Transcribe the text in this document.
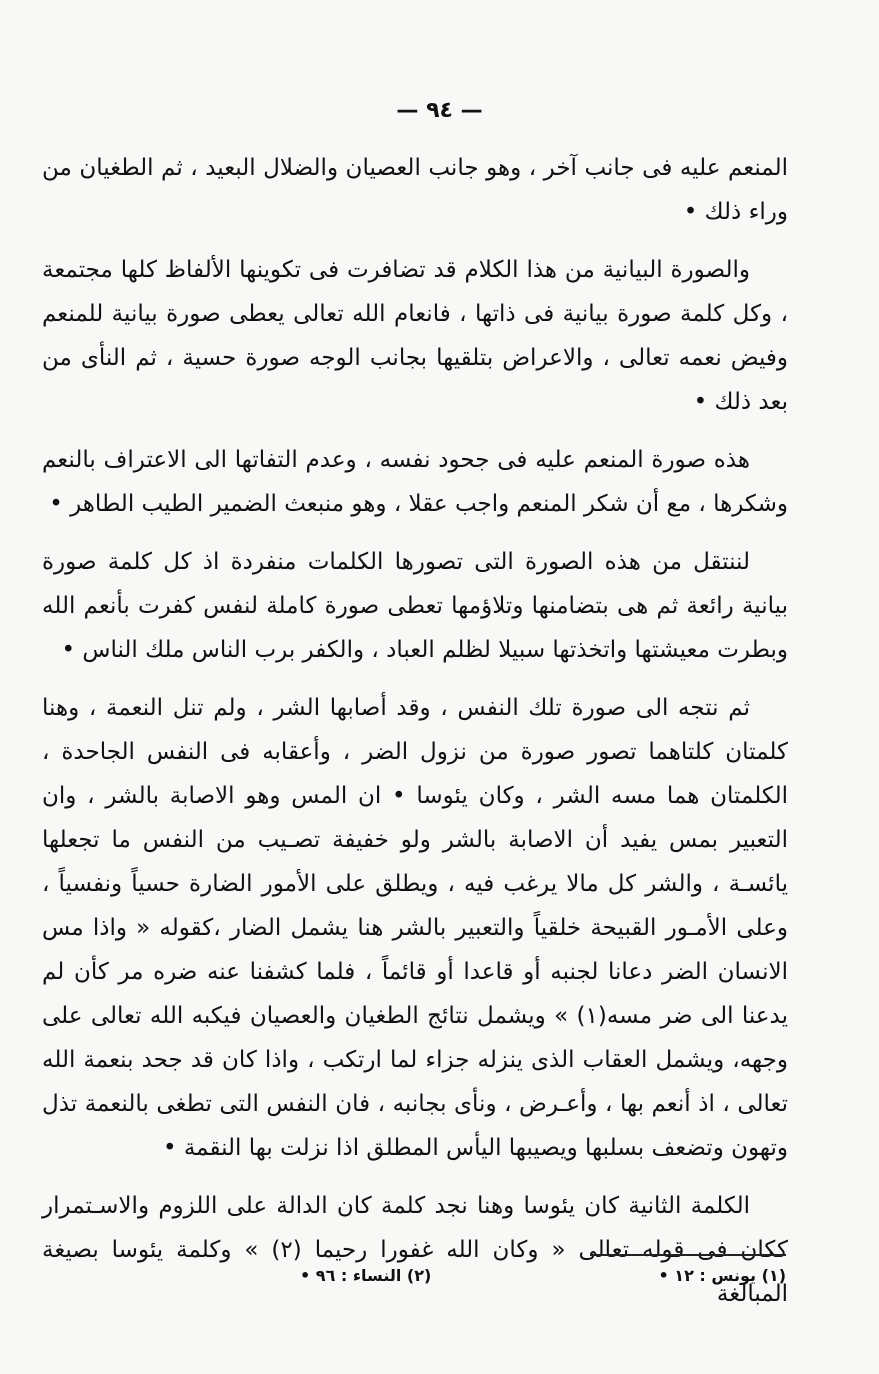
— ٩٤ —

المنعم عليه فى جانب آخر ، وهو جانب العصيان والضلال البعيد ، ثم الطغيان من وراء ذلك •

والصورة البيانية من هذا الكلام قد تضافرت فى تكوينها الألفاظ كلها مجتمعة ، وكل كلمة صورة بيانية فى ذاتها ، فانعام الله تعالى يعطى صورة بيانية للمنعم وفيض نعمه تعالى ، والاعراض بتلقيها بجانب الوجه صورة حسية ، ثم النأى من بعد ذلك •

هذه صورة المنعم عليه فى جحود نفسه ، وعدم التفاتها الى الاعتراف بالنعم وشكرها ، مع أن شكر المنعم واجب عقلا ، وهو منبعث الضمير الطيب الطاهر •

لننتقل من هذه الصورة التى تصورها الكلمات منفردة اذ كل كلمة صورة بيانية رائعة ثم هى بتضامنها وتلاؤمها تعطى صورة كاملة لنفس كفرت بأنعم الله وبطرت معيشتها واتخذتها سبيلا لظلم العباد ، والكفر برب الناس ملك الناس •

ثم نتجه الى صورة تلك النفس ، وقد أصابها الشر ، ولم تنل النعمة ، وهنا كلمتان كلتاهما تصور صورة من نزول الضر ، وأعقابه فى النفس الجاحدة ، الكلمتان هما مسه الشر ، وكان يئوسا • ان المس وهو الاصابة بالشر ، وان التعبير بمس يفيد أن الاصابة بالشر ولو خفيفة تصـيب من النفس ما تجعلها يائسـة ، والشر كل مالا يرغب فيه ، ويطلق على الأمور الضارة حسياً ونفسياً ، وعلى الأمـور القبيحة خلقياً والتعبير بالشر هنا يشمل الضار ،كقوله « واذا مس الانسان الضر دعانا لجنبه أو قاعدا أو قائماً ، فلما كشفنا عنه ضره مر كأن لم يدعنا الى ضر مسه(١) » ويشمل نتائج الطغيان والعصيان فيكبه الله تعالى على وجهه، ويشمل العقاب الذى ينزله جزاء لما ارتكب ، واذا كان قد جحد بنعمة الله تعالى ، اذ أنعم بها ، وأعـرض ، ونأى بجانبه ، فان النفس التى تطغى بالنعمة تذل وتهون وتضعف بسلبها ويصيبها اليأس المطلق اذا نزلت بها النقمة •

الكلمة الثانية كان يئوسا وهنا نجد كلمة كان الدالة على اللزوم والاسـتمرار ككان فى قوله تعالى « وكان الله غفورا رحيما (٢) » وكلمة يئوسا بصيغة المبالغة

(١) يونس : ١٢ •
(٢) النساء : ٩٦ •
